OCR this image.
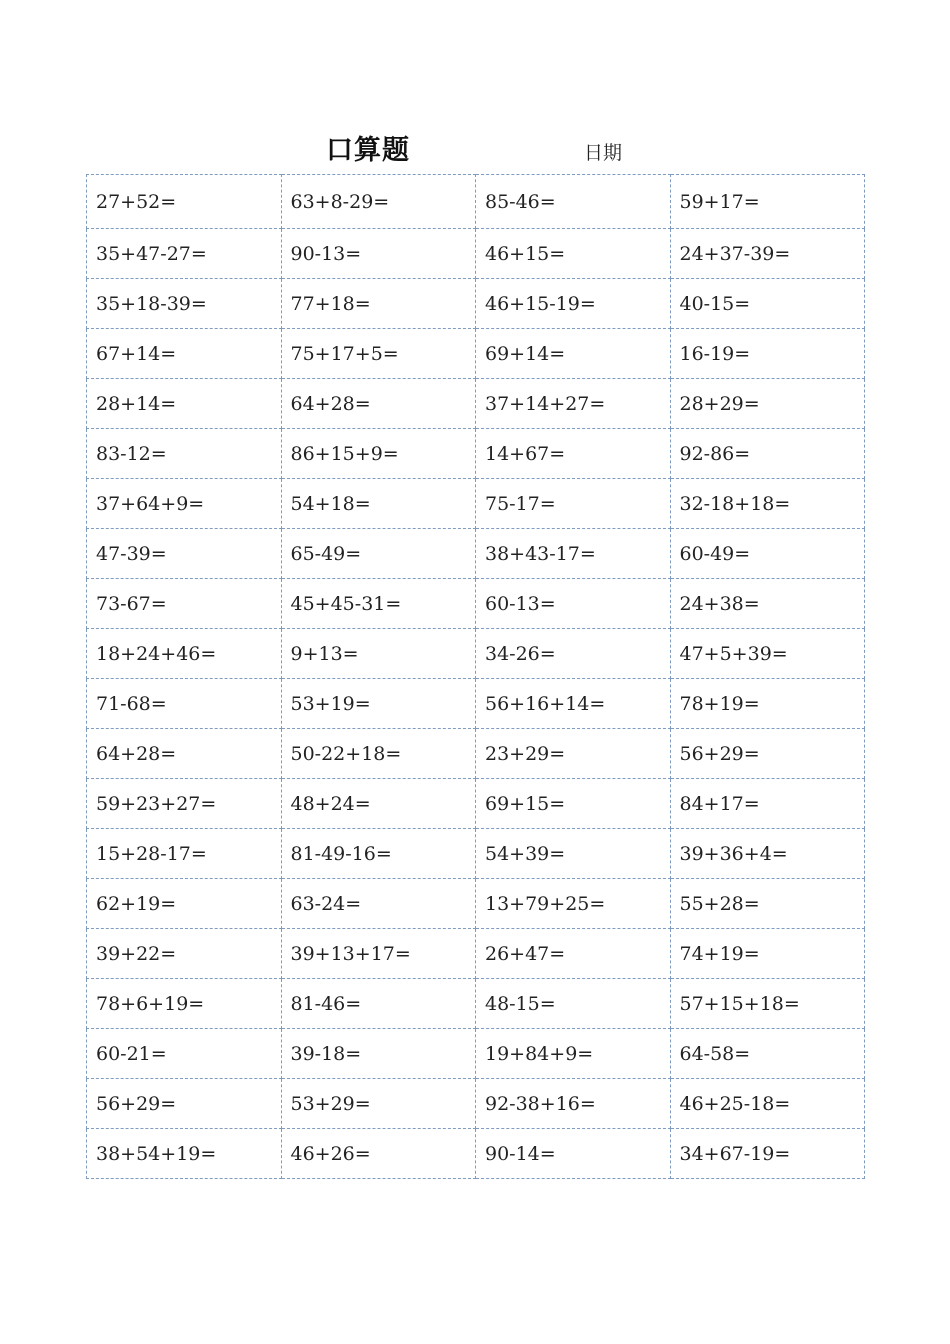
口算题	日期
27+52=	63+8-29=	85-46=	59+17=
35+47-27=	90-13=	46+15=	24+37-39=
35+18-39=	77+18=	46+15-19=	40-15=
67+14=	75+17+5=	69+14=	16-19=
28+14=	64+28=	37+14+27=	28+29=
83-12=	86+15+9=	14+67=	92-86=
37+64+9=	54+18=	75-17=	32-18+18=
47-39=	65-49=	38+43-17=	60-49=
73-67=	45+45-31=	60-13=	24+38=
18+24+46=	9+13=	34-26=	47+5+39=
71-68=	53+19=	56+16+14=	78+19=
64+28=	50-22+18=	23+29=	56+29=
59+23+27=	48+24=	69+15=	84+17=
15+28-17=	81-49-16=	54+39=	39+36+4=
62+19=	63-24=	13+79+25=	55+28=
39+22=	39+13+17=	26+47=	74+19=
78+6+19=	81-46=	48-15=	57+15+18=
60-21=	39-18=	19+84+9=	64-58=
56+29=	53+29=	92-38+16=	46+25-18=
38+54+19=	46+26=	90-14=	34+67-19=
